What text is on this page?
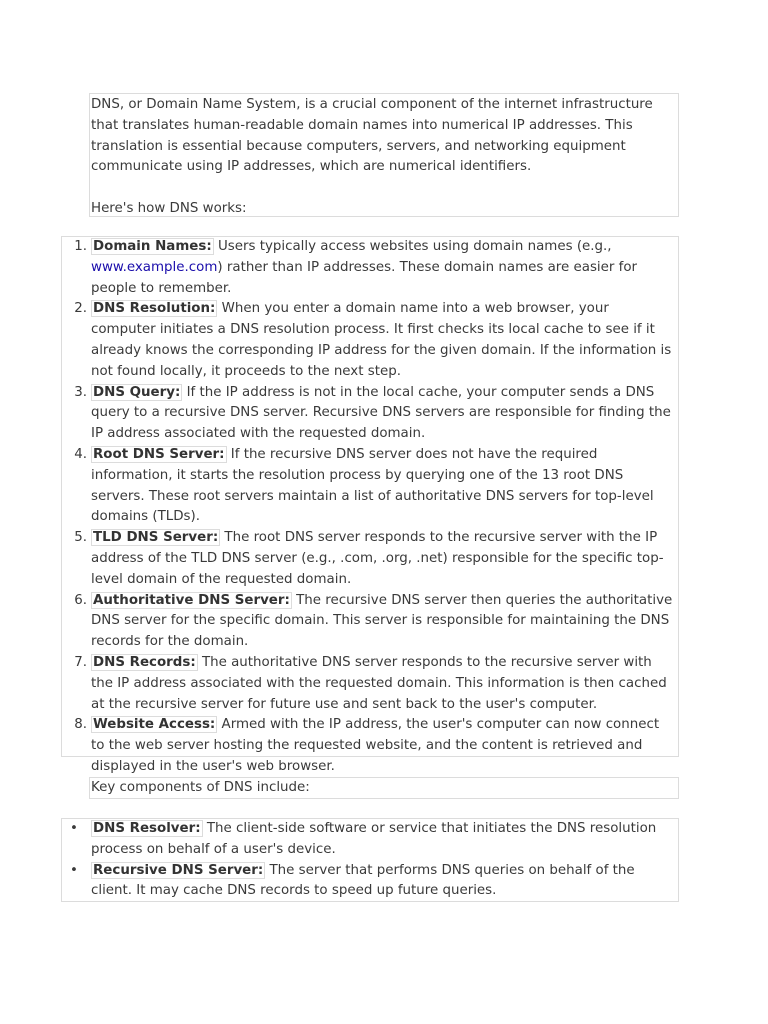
DNS, or Domain Name System, is a crucial component of the internet infrastructure that translates human-readable domain names into numerical IP addresses. This translation is essential because computers, servers, and networking equipment communicate using IP addresses, which are numerical identifiers.

Here's how DNS works:

1. Domain Names: Users typically access websites using domain names (e.g., www.example.com) rather than IP addresses. These domain names are easier for people to remember.
2. DNS Resolution: When you enter a domain name into a web browser, your computer initiates a DNS resolution process. It first checks its local cache to see if it already knows the corresponding IP address for the given domain. If the information is not found locally, it proceeds to the next step.
3. DNS Query: If the IP address is not in the local cache, your computer sends a DNS query to a recursive DNS server. Recursive DNS servers are responsible for finding the IP address associated with the requested domain.
4. Root DNS Server: If the recursive DNS server does not have the required information, it starts the resolution process by querying one of the 13 root DNS servers. These root servers maintain a list of authoritative DNS servers for top-level domains (TLDs).
5. TLD DNS Server: The root DNS server responds to the recursive server with the IP address of the TLD DNS server (e.g., .com, .org, .net) responsible for the specific top-level domain of the requested domain.
6. Authoritative DNS Server: The recursive DNS server then queries the authoritative DNS server for the specific domain. This server is responsible for maintaining the DNS records for the domain.
7. DNS Records: The authoritative DNS server responds to the recursive server with the IP address associated with the requested domain. This information is then cached at the recursive server for future use and sent back to the user's computer.
8. Website Access: Armed with the IP address, the user's computer can now connect to the web server hosting the requested website, and the content is retrieved and displayed in the user's web browser.

Key components of DNS include:

• DNS Resolver: The client-side software or service that initiates the DNS resolution process on behalf of a user's device.
• Recursive DNS Server: The server that performs DNS queries on behalf of the client. It may cache DNS records to speed up future queries.
